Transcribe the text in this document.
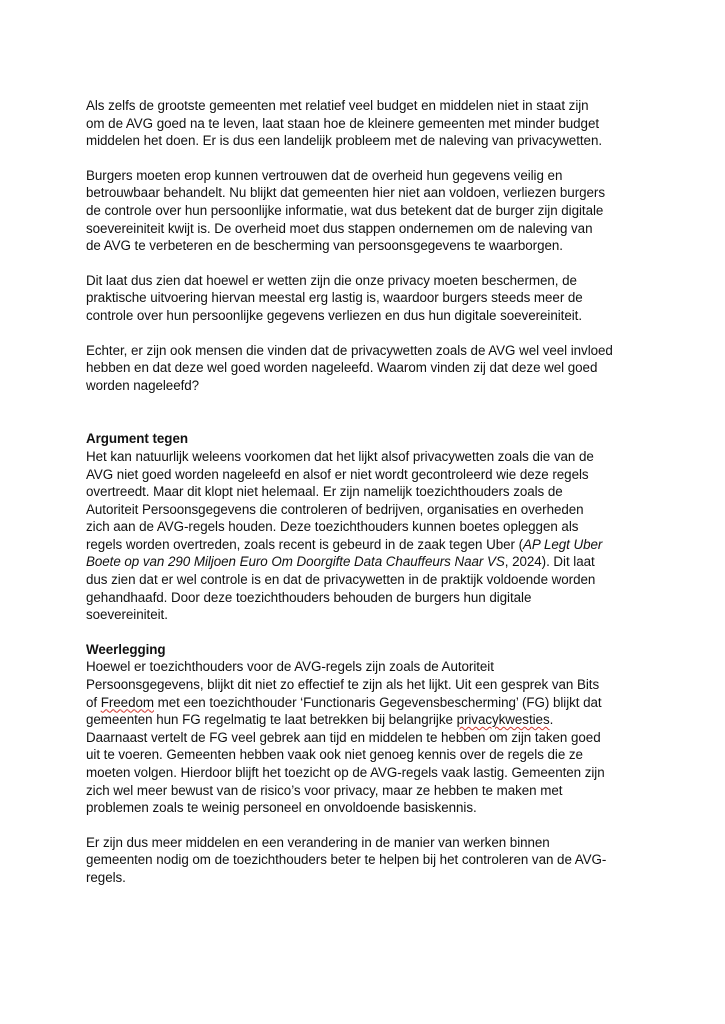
Als zelfs de grootste gemeenten met relatief veel budget en middelen niet in staat zijn
om de AVG goed na te leven, laat staan hoe de kleinere gemeenten met minder budget
middelen het doen. Er is dus een landelijk probleem met de naleving van privacywetten.

Burgers moeten erop kunnen vertrouwen dat de overheid hun gegevens veilig en
betrouwbaar behandelt. Nu blijkt dat gemeenten hier niet aan voldoen, verliezen burgers
de controle over hun persoonlijke informatie, wat dus betekent dat de burger zijn digitale
soevereiniteit kwijt is. De overheid moet dus stappen ondernemen om de naleving van
de AVG te verbeteren en de bescherming van persoonsgegevens te waarborgen.

Dit laat dus zien dat hoewel er wetten zijn die onze privacy moeten beschermen, de
praktische uitvoering hiervan meestal erg lastig is, waardoor burgers steeds meer de
controle over hun persoonlijke gegevens verliezen en dus hun digitale soevereiniteit.

Echter, er zijn ook mensen die vinden dat de privacywetten zoals de AVG wel veel invloed
hebben en dat deze wel goed worden nageleefd. Waarom vinden zij dat deze wel goed
worden nageleefd?

Argument tegen
Het kan natuurlijk weleens voorkomen dat het lijkt alsof privacywetten zoals die van de
AVG niet goed worden nageleefd en alsof er niet wordt gecontroleerd wie deze regels
overtreedt. Maar dit klopt niet helemaal. Er zijn namelijk toezichthouders zoals de
Autoriteit Persoonsgegevens die controleren of bedrijven, organisaties en overheden
zich aan de AVG-regels houden. Deze toezichthouders kunnen boetes opleggen als
regels worden overtreden, zoals recent is gebeurd in de zaak tegen Uber (AP Legt Uber
Boete op van 290 Miljoen Euro Om Doorgifte Data Chauffeurs Naar VS, 2024). Dit laat
dus zien dat er wel controle is en dat de privacywetten in de praktijk voldoende worden
gehandhaafd. Door deze toezichthouders behouden de burgers hun digitale
soevereiniteit.

Weerlegging
Hoewel er toezichthouders voor de AVG-regels zijn zoals de Autoriteit
Persoonsgegevens, blijkt dit niet zo effectief te zijn als het lijkt. Uit een gesprek van Bits
of Freedom met een toezichthouder ‘Functionaris Gegevensbescherming’ (FG) blijkt dat
gemeenten hun FG regelmatig te laat betrekken bij belangrijke privacykwesties.
Daarnaast vertelt de FG veel gebrek aan tijd en middelen te hebben om zijn taken goed
uit te voeren. Gemeenten hebben vaak ook niet genoeg kennis over de regels die ze
moeten volgen. Hierdoor blijft het toezicht op de AVG-regels vaak lastig. Gemeenten zijn
zich wel meer bewust van de risico’s voor privacy, maar ze hebben te maken met
problemen zoals te weinig personeel en onvoldoende basiskennis.

Er zijn dus meer middelen en een verandering in de manier van werken binnen
gemeenten nodig om de toezichthouders beter te helpen bij het controleren van de AVG-
regels.
